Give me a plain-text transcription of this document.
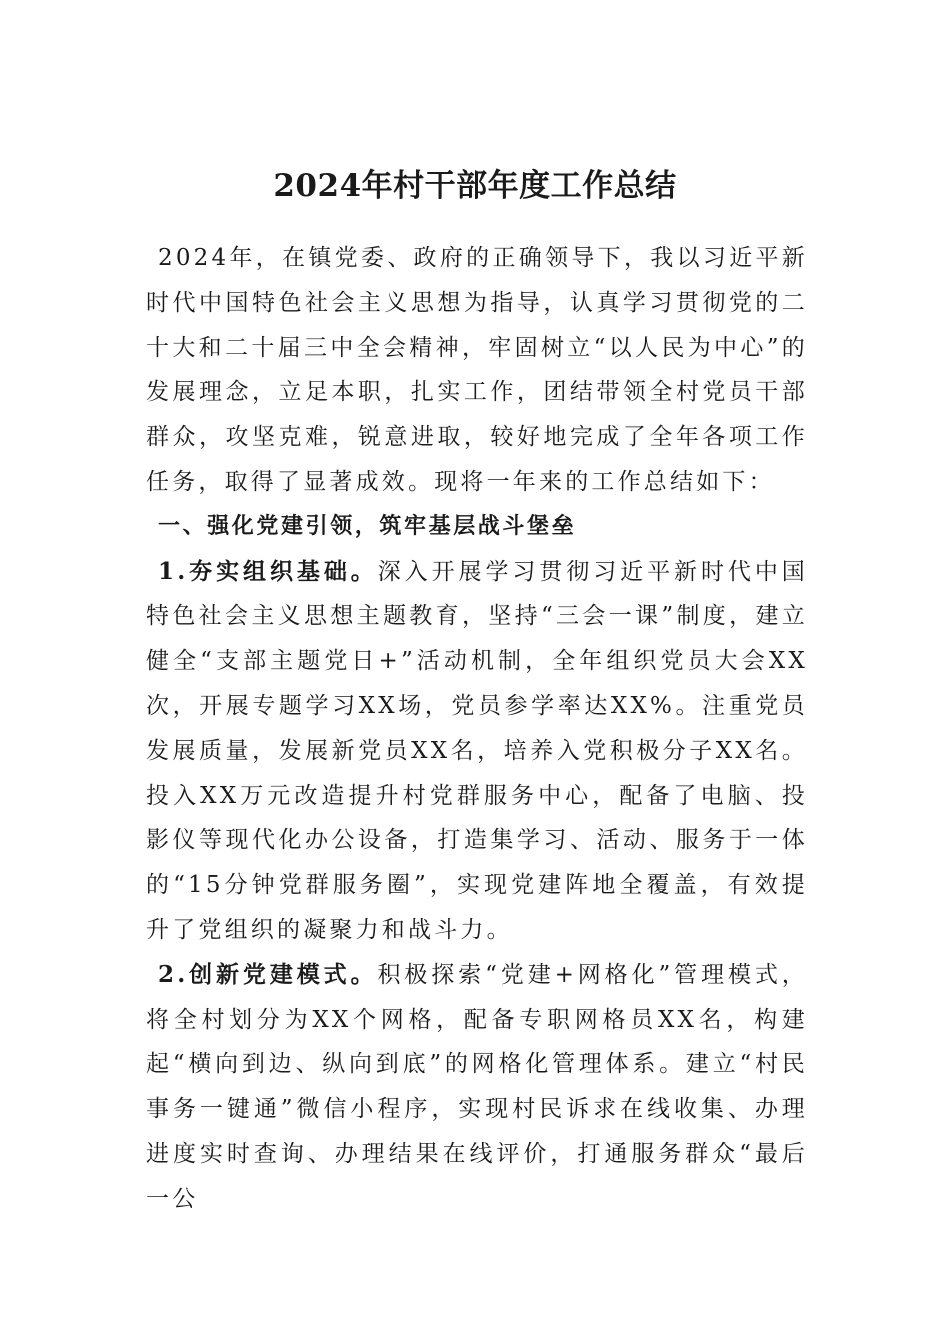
2024年村干部年度工作总结

2024年，在镇党委、政府的正确领导下，我以习近平新时代中国特色社会主义思想为指导，认真学习贯彻党的二十大和二十届三中全会精神，牢固树立“以人民为中心”的发展理念，立足本职，扎实工作，团结带领全村党员干部群众，攻坚克难，锐意进取，较好地完成了全年各项工作任务，取得了显著成效。现将一年来的工作总结如下：

一、强化党建引领，筑牢基层战斗堡垒

1.夯实组织基础。深入开展学习贯彻习近平新时代中国特色社会主义思想主题教育，坚持“三会一课”制度，建立健全“支部主题党日+”活动机制，全年组织党员大会XX次，开展专题学习XX场，党员参学率达XX%。注重党员发展质量，发展新党员XX名，培养入党积极分子XX名。投入XX万元改造提升村党群服务中心，配备了电脑、投影仪等现代化办公设备，打造集学习、活动、服务于一体的“15分钟党群服务圈”，实现党建阵地全覆盖，有效提升了党组织的凝聚力和战斗力。

2.创新党建模式。积极探索“党建+网格化”管理模式，将全村划分为XX个网格，配备专职网格员XX名，构建起“横向到边、纵向到底”的网格化管理体系。建立“村民事务一键通”微信小程序，实现村民诉求在线收集、办理进度实时查询、办理结果在线评价，打通服务群众“最后一公
